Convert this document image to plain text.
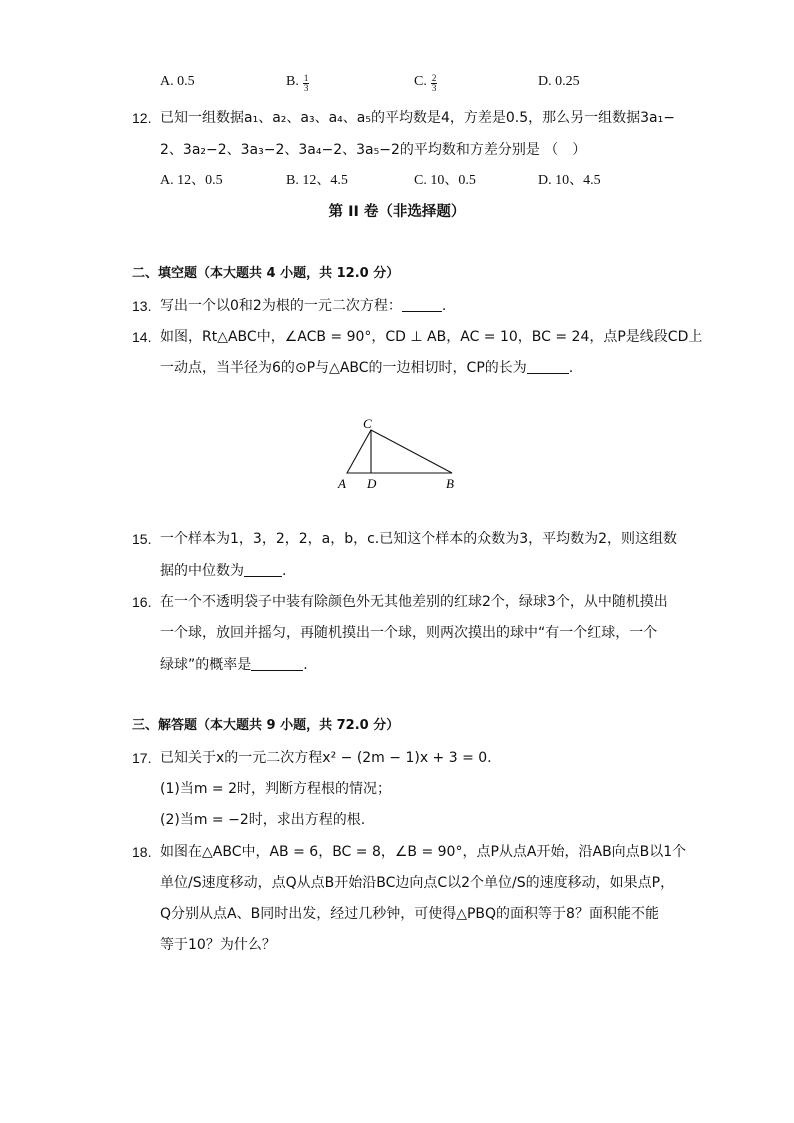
A. 0.5	B. $\frac{1}{3}$	C. $\frac{2}{3}$	D. 0.25
12. 已知一组数据a₁、a₂、a₃、a₄、a₅的平均数是4，方差是0.5，那么另一组数据3a₁−
2、3a₂−2、3a₃−2、3a₄−2、3a₅−2的平均数和方差分别是 （　）
A. 12、0.5	B. 12、4.5	C. 10、0.5	D. 10、4.5
第 II 卷（非选择题）
二、填空题（本大题共 4 小题，共 12.0 分）
13. 写出一个以0和2为根的一元二次方程：	.
14. 如图，Rt△ABC中，∠ACB = 90°，CD ⊥ AB，AC = 10，BC = 24，点P是线段CD上
一动点，当半径为6的⊙P与△ABC的一边相切时，CP的长为	.
C
A D	B
15. 一个样本为1，3，2，2，a，b，c.已知这个样本的众数为3，平均数为2，则这组数
据的中位数为	.
16. 在一个不透明袋子中装有除颜色外无其他差别的红球2个，绿球3个，从中随机摸出
一个球，放回并摇匀，再随机摸出一个球，则两次摸出的球中“有一个红球，一个
绿球”的概率是	.
三、解答题（本大题共 9 小题，共 72.0 分）
17. 已知关于x的一元二次方程x² − (2m − 1)x + 3 = 0.
(1)当m = 2时，判断方程根的情况；
(2)当m = −2时，求出方程的根.
18. 如图在△ABC中，AB = 6，BC = 8，∠B = 90°，点P从点A开始，沿AB向点B以1个
单位/S速度移动，点Q从点B开始沿BC边向点C以2个单位/S的速度移动，如果点P，
Q分别从点A、B同时出发，经过几秒钟，可使得△PBQ的面积等于8？面积能不能
等于10？为什么？
